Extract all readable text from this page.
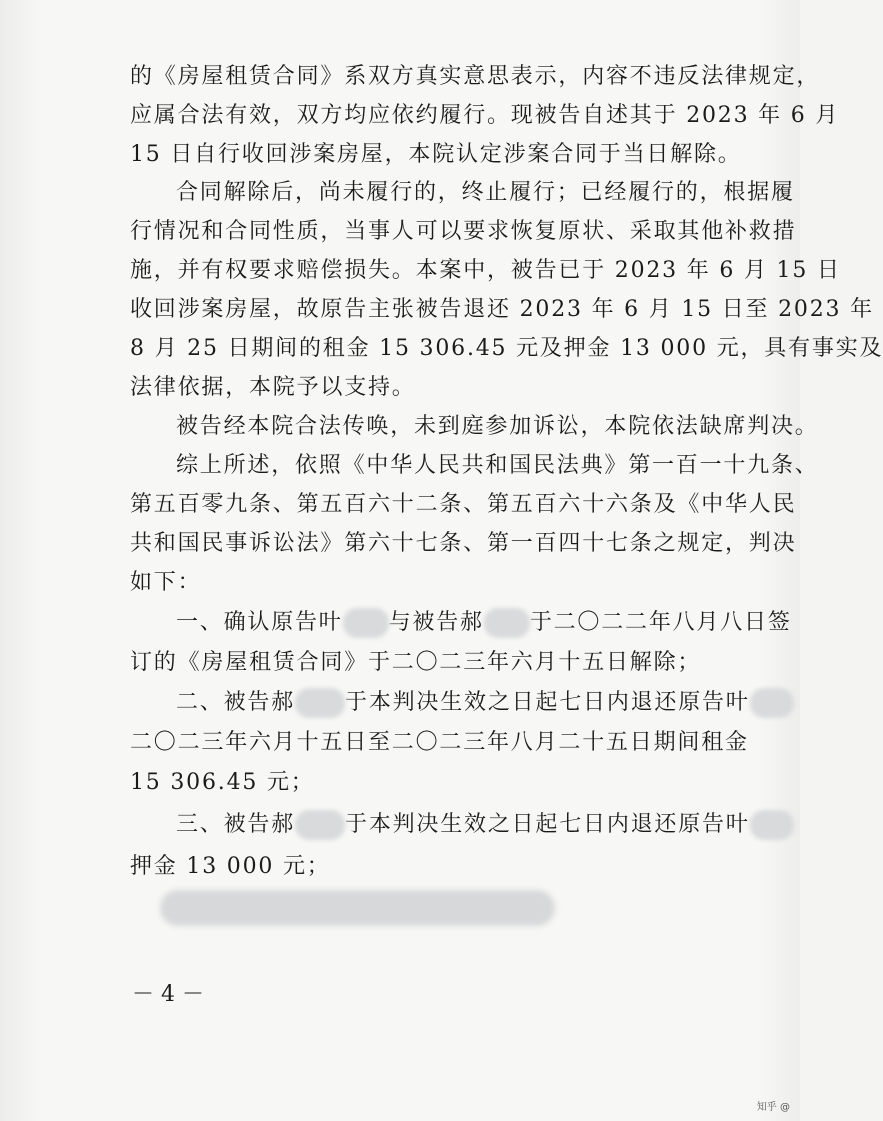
的《房屋租赁合同》系双方真实意思表示，内容不违反法律规定，
应属合法有效，双方均应依约履行。现被告自述其于 2023 年 6 月
15 日自行收回涉案房屋，本院认定涉案合同于当日解除。
合同解除后，尚未履行的，终止履行；已经履行的，根据履
行情况和合同性质，当事人可以要求恢复原状、采取其他补救措
施，并有权要求赔偿损失。本案中，被告已于 2023 年 6 月 15 日
收回涉案房屋，故原告主张被告退还 2023 年 6 月 15 日至 2023 年
8 月 25 日期间的租金 15 306.45 元及押金 13 000 元，具有事实及
法律依据，本院予以支持。
被告经本院合法传唤，未到庭参加诉讼，本院依法缺席判决。
综上所述，依照《中华人民共和国民法典》第一百一十九条、
第五百零九条、第五百六十二条、第五百六十六条及《中华人民
共和国民事诉讼法》第六十七条、第一百四十七条之规定，判决
如下：
一、确认原告叶 与被告郝 于二〇二二年八月八日签
订的《房屋租赁合同》于二〇二三年六月十五日解除；
二、被告郝 于本判决生效之日起七日内退还原告叶
二〇二三年六月十五日至二〇二三年八月二十五日期间租金
15 306.45 元；
三、被告郝 于本判决生效之日起七日内退还原告叶
押金 13 000 元；
－ 4 －
知乎 @
